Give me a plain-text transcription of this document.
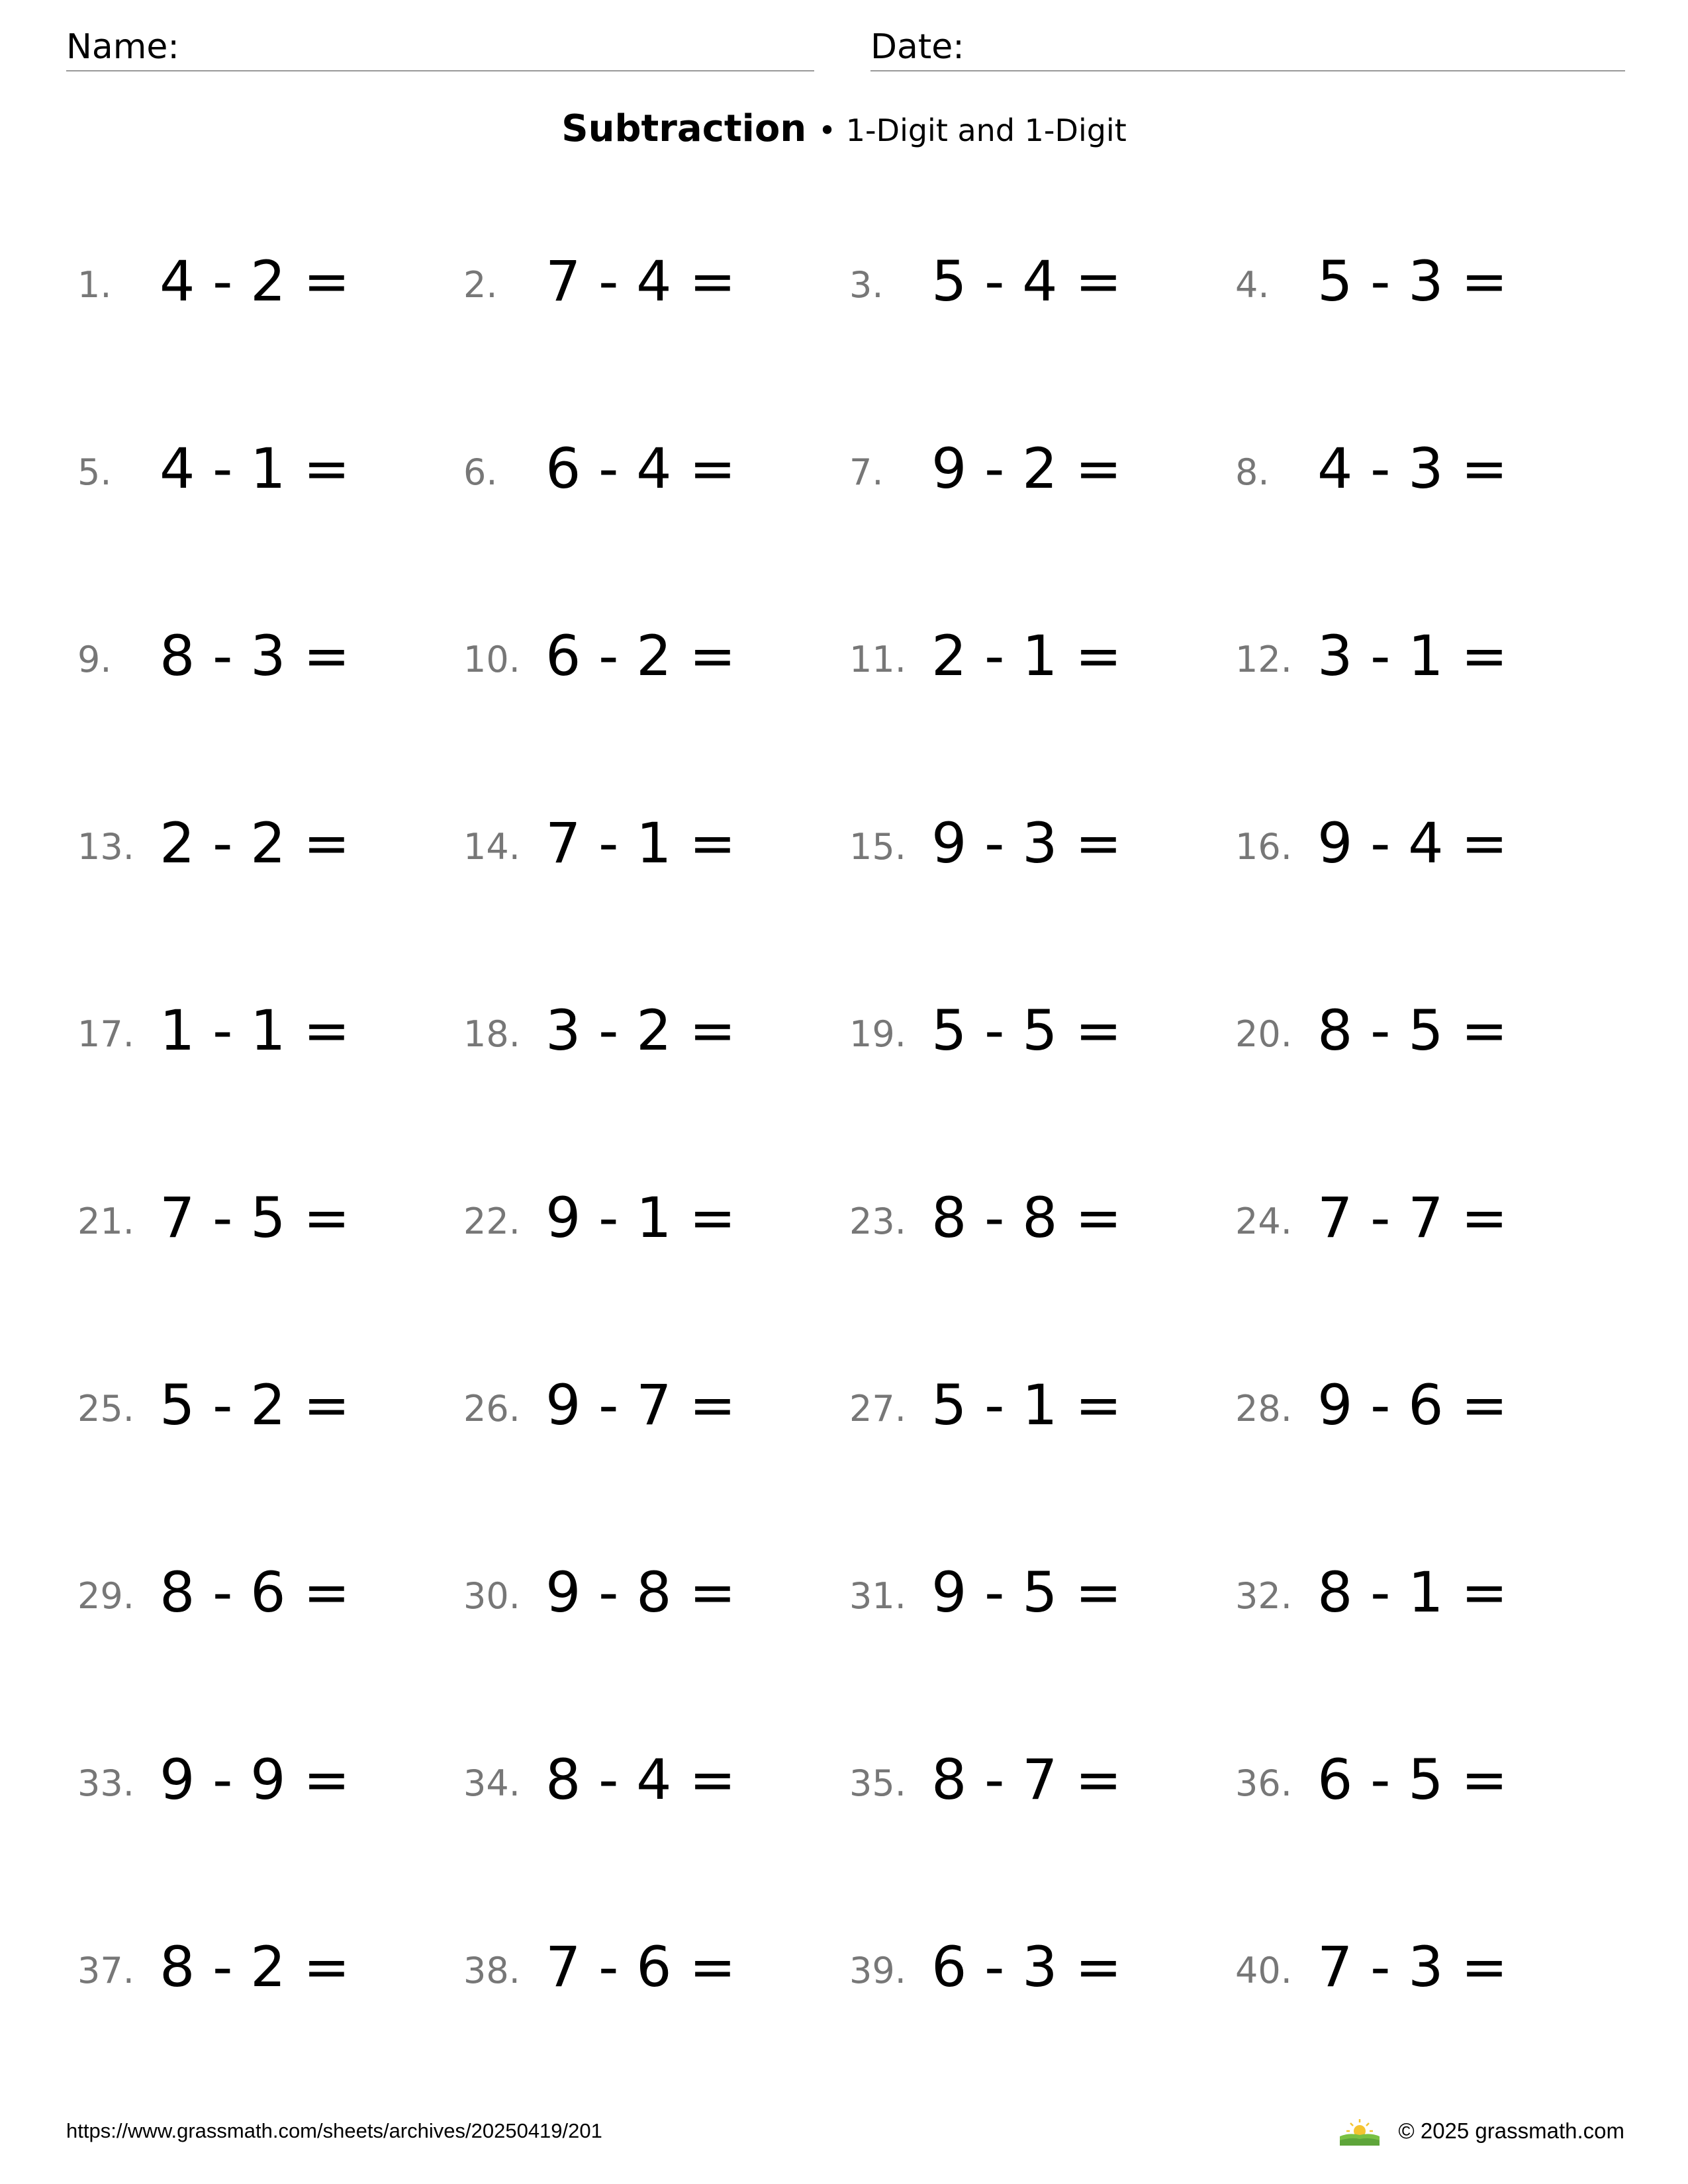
Name:	Date:
Subtraction • 1-Digit and 1-Digit
1. 4 - 2 =	2. 7 - 4 =	3. 5 - 4 =	4. 5 - 3 =
5. 4 - 1 =	6. 6 - 4 =	7. 9 - 2 =	8. 4 - 3 =
9. 8 - 3 =	10. 6 - 2 =	11. 2 - 1 =	12. 3 - 1 =
13. 2 - 2 =	14. 7 - 1 =	15. 9 - 3 =	16. 9 - 4 =
17. 1 - 1 =	18. 3 - 2 =	19. 5 - 5 =	20. 8 - 5 =
21. 7 - 5 =	22. 9 - 1 =	23. 8 - 8 =	24. 7 - 7 =
25. 5 - 2 =	26. 9 - 7 =	27. 5 - 1 =	28. 9 - 6 =
29. 8 - 6 =	30. 9 - 8 =	31. 9 - 5 =	32. 8 - 1 =
33. 9 - 9 =	34. 8 - 4 =	35. 8 - 7 =	36. 6 - 5 =
37. 8 - 2 =	38. 7 - 6 =	39. 6 - 3 =	40. 7 - 3 =
https://www.grassmath.com/sheets/archives/20250419/201	© 2025 grassmath.com
